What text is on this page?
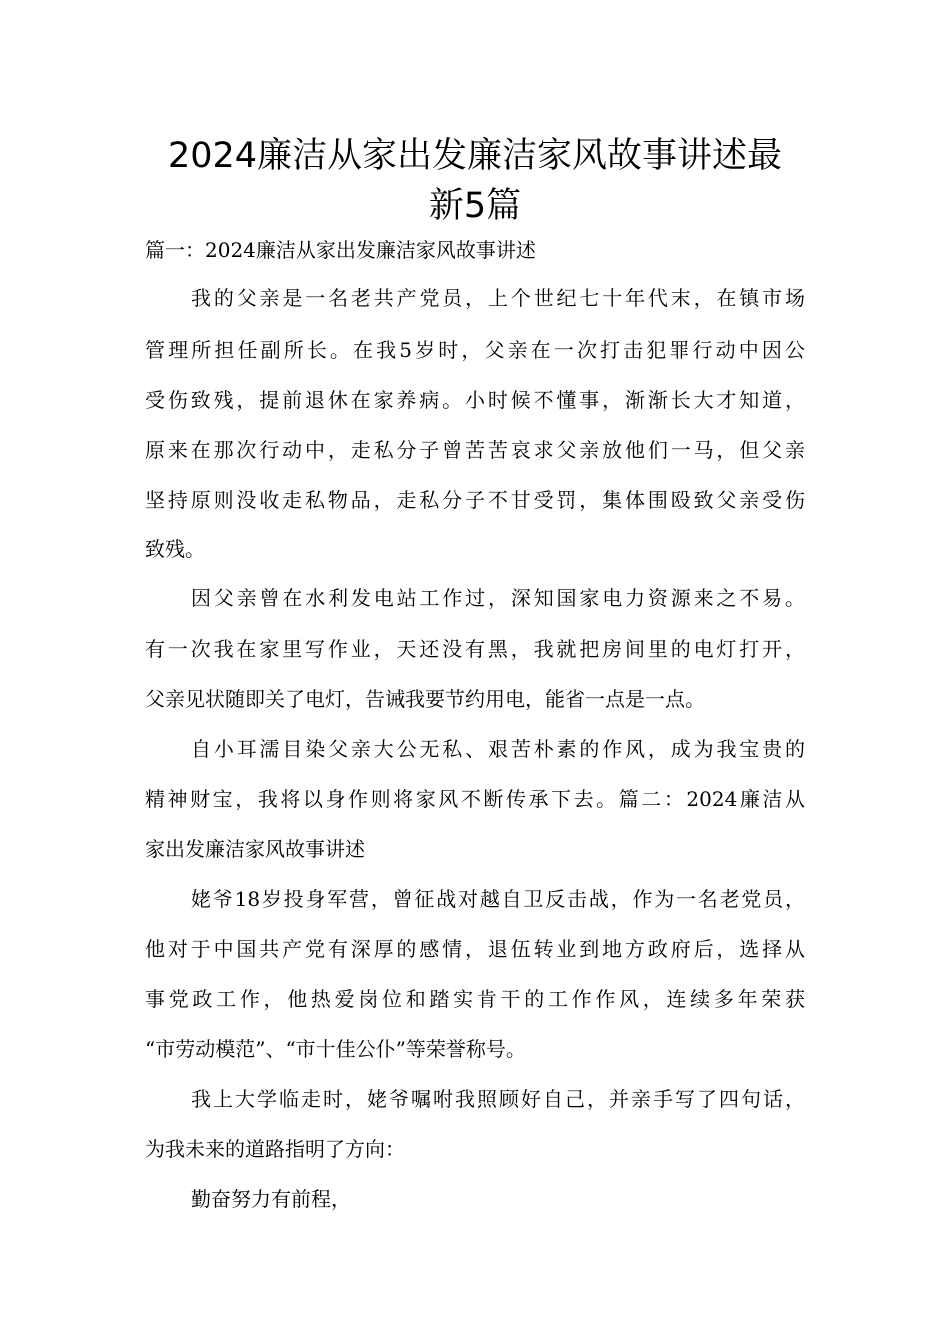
2024廉洁从家出发廉洁家风故事讲述最
新5篇
篇一：2024廉洁从家出发廉洁家风故事讲述
我的父亲是一名老共产党员，上个世纪七十年代末，在镇市场
管理所担任副所长。在我5岁时，父亲在一次打击犯罪行动中因公
受伤致残，提前退休在家养病。小时候不懂事，渐渐长大才知道，
原来在那次行动中，走私分子曾苦苦哀求父亲放他们一马，但父亲
坚持原则没收走私物品，走私分子不甘受罚，集体围殴致父亲受伤
致残。
因父亲曾在水利发电站工作过，深知国家电力资源来之不易。
有一次我在家里写作业，天还没有黑，我就把房间里的电灯打开，
父亲见状随即关了电灯，告诫我要节约用电，能省一点是一点。
自小耳濡目染父亲大公无私、艰苦朴素的作风，成为我宝贵的
精神财宝，我将以身作则将家风不断传承下去。篇二：2024廉洁从
家出发廉洁家风故事讲述
姥爷18岁投身军营，曾征战对越自卫反击战，作为一名老党员，
他对于中国共产党有深厚的感情，退伍转业到地方政府后，选择从
事党政工作，他热爱岗位和踏实肯干的工作作风，连续多年荣获
“市劳动模范”、“市十佳公仆”等荣誉称号。
我上大学临走时，姥爷嘱咐我照顾好自己，并亲手写了四句话，
为我未来的道路指明了方向：
勤奋努力有前程，
